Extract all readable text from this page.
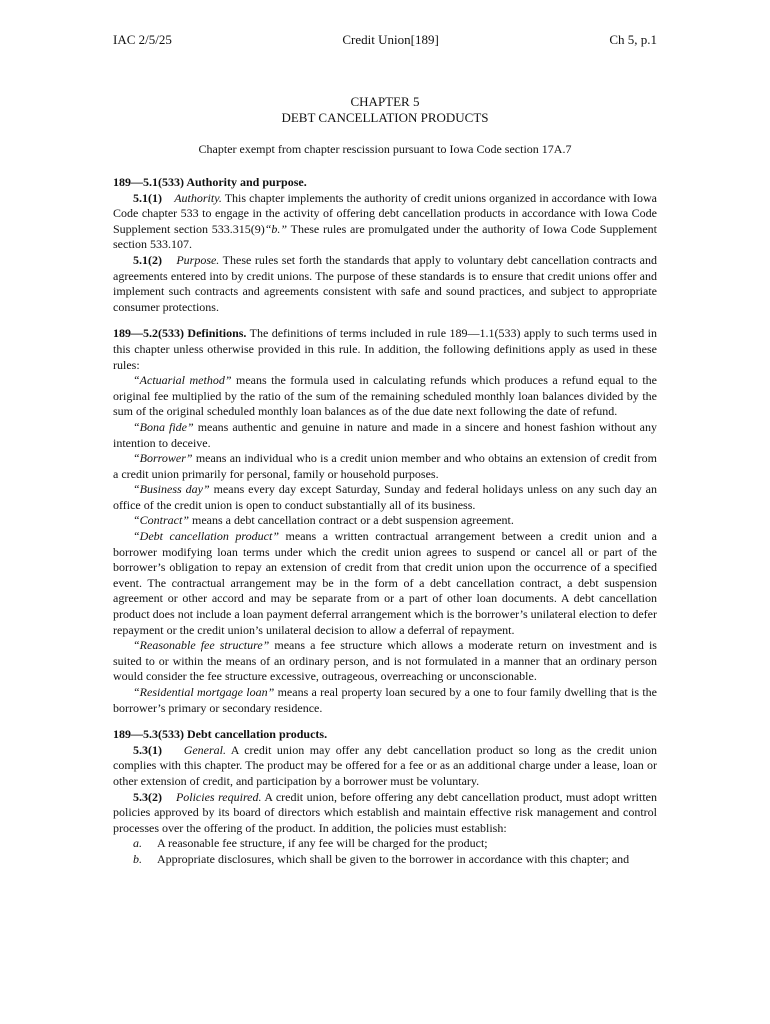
IAC 2/5/25	Credit Union[189]	Ch 5, p.1
CHAPTER 5
DEBT CANCELLATION PRODUCTS
Chapter exempt from chapter rescission pursuant to Iowa Code section 17A.7
189—5.1(533) Authority and purpose.

5.1(1) Authority. This chapter implements the authority of credit unions organized in accordance with Iowa Code chapter 533 to engage in the activity of offering debt cancellation products in accordance with Iowa Code Supplement section 533.315(9)“b.” These rules are promulgated under the authority of Iowa Code Supplement section 533.107.

5.1(2) Purpose. These rules set forth the standards that apply to voluntary debt cancellation contracts and agreements entered into by credit unions. The purpose of these standards is to ensure that credit unions offer and implement such contracts and agreements consistent with safe and sound practices, and subject to appropriate consumer protections.

189—5.2(533) Definitions. The definitions of terms included in rule 189—1.1(533) apply to such terms used in this chapter unless otherwise provided in this rule. In addition, the following definitions apply as used in these rules:

“Actuarial method” means the formula used in calculating refunds which produces a refund equal to the original fee multiplied by the ratio of the sum of the remaining scheduled monthly loan balances divided by the sum of the original scheduled monthly loan balances as of the due date next following the date of refund.

“Bona fide” means authentic and genuine in nature and made in a sincere and honest fashion without any intention to deceive.

“Borrower” means an individual who is a credit union member and who obtains an extension of credit from a credit union primarily for personal, family or household purposes.

“Business day” means every day except Saturday, Sunday and federal holidays unless on any such day an office of the credit union is open to conduct substantially all of its business.

“Contract” means a debt cancellation contract or a debt suspension agreement.

“Debt cancellation product” means a written contractual arrangement between a credit union and a borrower modifying loan terms under which the credit union agrees to suspend or cancel all or part of the borrower’s obligation to repay an extension of credit from that credit union upon the occurrence of a specified event. The contractual arrangement may be in the form of a debt cancellation contract, a debt suspension agreement or other accord and may be separate from or a part of other loan documents. A debt cancellation product does not include a loan payment deferral arrangement which is the borrower’s unilateral election to defer repayment or the credit union’s unilateral decision to allow a deferral of repayment.

“Reasonable fee structure” means a fee structure which allows a moderate return on investment and is suited to or within the means of an ordinary person, and is not formulated in a manner that an ordinary person would consider the fee structure excessive, outrageous, overreaching or unconscionable.

“Residential mortgage loan” means a real property loan secured by a one to four family dwelling that is the borrower’s primary or secondary residence.

189—5.3(533) Debt cancellation products.

5.3(1) General. A credit union may offer any debt cancellation product so long as the credit union complies with this chapter. The product may be offered for a fee or as an additional charge under a lease, loan or other extension of credit, and participation by a borrower must be voluntary.

5.3(2) Policies required. A credit union, before offering any debt cancellation product, must adopt written policies approved by its board of directors which establish and maintain effective risk management and control processes over the offering of the product. In addition, the policies must establish:

a.	A reasonable fee structure, if any fee will be charged for the product;
b.	Appropriate disclosures, which shall be given to the borrower in accordance with this chapter; and
